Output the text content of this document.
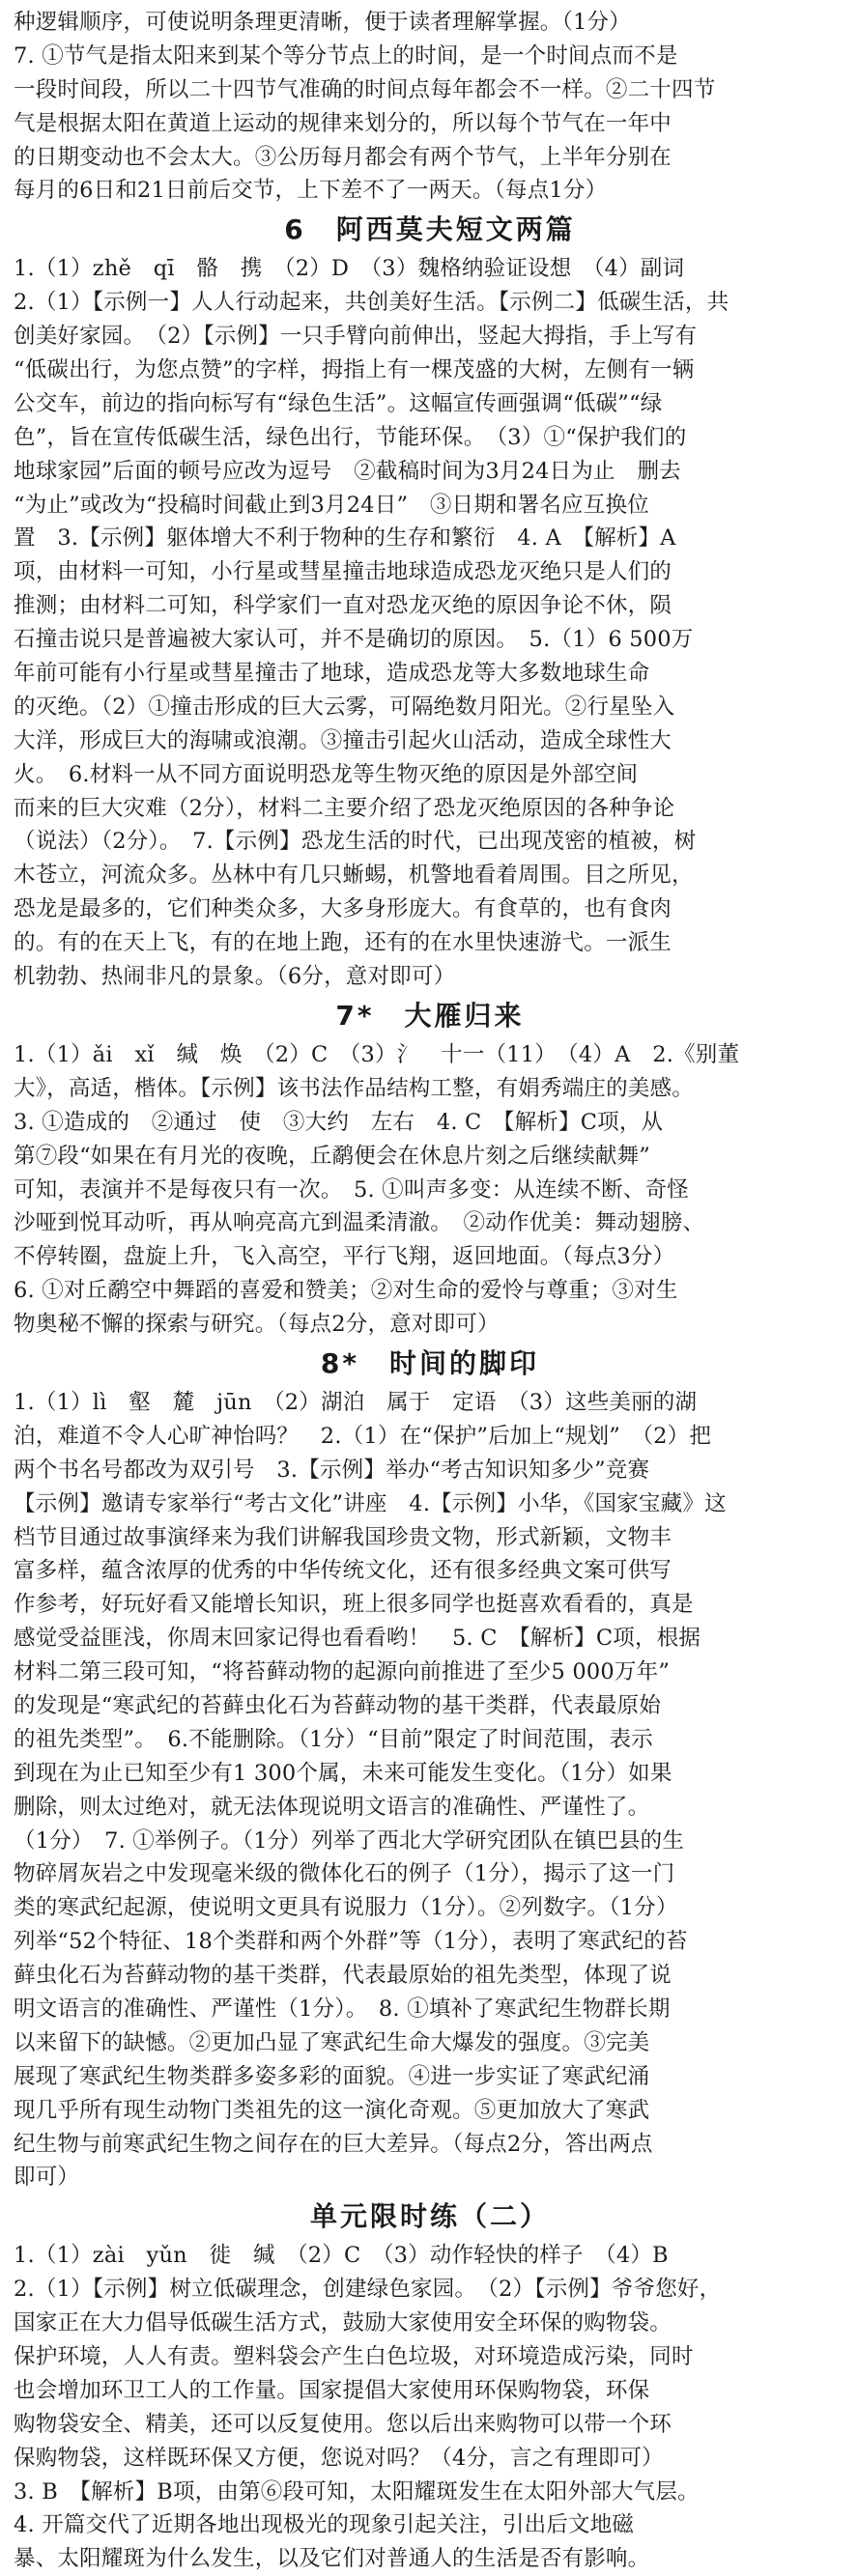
种逻辑顺序，可使说明条理更清晰，便于读者理解掌握。（1分）
7. ①节气是指太阳来到某个等分节点上的时间，是一个时间点而不是
一段时间段，所以二十四节气准确的时间点每年都会不一样。②二十四节
气是根据太阳在黄道上运动的规律来划分的，所以每个节气在一年中
的日期变动也不会太大。③公历每月都会有两个节气，上半年分别在
每月的6日和21日前后交节，上下差不了一两天。（每点1分）
6　阿西莫夫短文两篇
1.（1）zhě　qī　骼　携　（2）D　（3）魏格纳验证设想　（4）副词
2.（1）【示例一】人人行动起来，共创美好生活。【示例二】低碳生活，共
创美好家园。　（2）【示例】一只手臂向前伸出，竖起大拇指，手上写有
“低碳出行，为您点赞”的字样，拇指上有一棵茂盛的大树，左侧有一辆
公交车，前边的指向标写有“绿色生活”。这幅宣传画强调“低碳”“绿
色”，旨在宣传低碳生活，绿色出行，节能环保。　（3）①“保护我们的
地球家园”后面的顿号应改为逗号　②截稿时间为3月24日为止　删去
“为止”或改为“投稿时间截止到3月24日”　③日期和署名应互换位
置　3.【示例】躯体增大不利于物种的生存和繁衍　4. A　【解析】A
项，由材料一可知，小行星或彗星撞击地球造成恐龙灭绝只是人们的
推测；由材料二可知，科学家们一直对恐龙灭绝的原因争论不休，陨
石撞击说只是普遍被大家认可，并不是确切的原因。　5.（1）6 500万
年前可能有小行星或彗星撞击了地球，造成恐龙等大多数地球生命
的灭绝。（2）①撞击形成的巨大云雾，可隔绝数月阳光。②行星坠入
大洋，形成巨大的海啸或浪潮。③撞击引起火山活动，造成全球性大
火。　6.材料一从不同方面说明恐龙等生物灭绝的原因是外部空间
而来的巨大灾难（2分），材料二主要介绍了恐龙灭绝原因的各种争论
（说法）（2分）。　7.【示例】恐龙生活的时代，已出现茂密的植被，树
木苍立，河流众多。丛林中有几只蜥蜴，机警地看着周围。目之所见，
恐龙是最多的，它们种类众多，大多身形庞大。有食草的，也有食肉
的。有的在天上飞，有的在地上跑，还有的在水里快速游弋。一派生
机勃勃、热闹非凡的景象。（6分，意对即可）
7*　大雁归来
1.（1）ǎi　xǐ　缄　焕　（2）C　（3）氵　十一（11）　（4）A　2.《别董
大》，高适，楷体。【示例】该书法作品结构工整，有娟秀端庄的美感。
3. ①造成的　②通过　使　③大约　左右　4. C　【解析】C项，从
第⑦段“如果在有月光的夜晚，丘鹬便会在休息片刻之后继续献舞”
可知，表演并不是每夜只有一次。　5. ①叫声多变：从连续不断、奇怪
沙哑到悦耳动听，再从响亮高亢到温柔清澈。　②动作优美：舞动翅膀、
不停转圈，盘旋上升，飞入高空，平行飞翔，返回地面。（每点3分）
6. ①对丘鹬空中舞蹈的喜爱和赞美；②对生命的爱怜与尊重；③对生
物奥秘不懈的探索与研究。（每点2分，意对即可）
8*　时间的脚印
1.（1）lì　壑　麓　jūn　（2）湖泊　属于　定语　（3）这些美丽的湖
泊，难道不令人心旷神怡吗？　2.（1）在“保护”后加上“规划”　（2）把
两个书名号都改为双引号　3.【示例】举办“考古知识知多少”竞赛
【示例】邀请专家举行“考古文化”讲座　4.【示例】小华，《国家宝藏》这
档节目通过故事演绎来为我们讲解我国珍贵文物，形式新颖，文物丰
富多样，蕴含浓厚的优秀的中华传统文化，还有很多经典文案可供写
作参考，好玩好看又能增长知识，班上很多同学也挺喜欢看看的，真是
感觉受益匪浅，你周末回家记得也看看哟！　5. C　【解析】C项，根据
材料二第三段可知，“将苔藓动物的起源向前推进了至少5 000万年”
的发现是“寒武纪的苔藓虫化石为苔藓动物的基干类群，代表最原始
的祖先类型”。　6.不能删除。（1分）“目前”限定了时间范围，表示
到现在为止已知至少有1 300个属，未来可能发生变化。（1分）如果
删除，则太过绝对，就无法体现说明文语言的准确性、严谨性了。
（1分）　7. ①举例子。（1分）列举了西北大学研究团队在镇巴县的生
物碎屑灰岩之中发现毫米级的微体化石的例子（1分），揭示了这一门
类的寒武纪起源，使说明文更具有说服力（1分）。②列数字。（1分）
列举“52个特征、18个类群和两个外群”等（1分），表明了寒武纪的苔
藓虫化石为苔藓动物的基干类群，代表最原始的祖先类型，体现了说
明文语言的准确性、严谨性（1分）。　8. ①填补了寒武纪生物群长期
以来留下的缺憾。②更加凸显了寒武纪生命大爆发的强度。③完美
展现了寒武纪生物类群多姿多彩的面貌。④进一步实证了寒武纪涌
现几乎所有现生动物门类祖先的这一演化奇观。⑤更加放大了寒武
纪生物与前寒武纪生物之间存在的巨大差异。（每点2分，答出两点
即可）
单元限时练（二）
1.（1）zài　yǔn　徙　缄　（2）C　（3）动作轻快的样子　（4）B
2.（1）【示例】树立低碳理念，创建绿色家园。　（2）【示例】爷爷您好，
国家正在大力倡导低碳生活方式，鼓励大家使用安全环保的购物袋。
保护环境，人人有责。塑料袋会产生白色垃圾，对环境造成污染，同时
也会增加环卫工人的工作量。国家提倡大家使用环保购物袋，环保
购物袋安全、精美，还可以反复使用。您以后出来购物可以带一个环
保购物袋，这样既环保又方便，您说对吗？（4分，言之有理即可）
3. B　【解析】B项，由第⑥段可知，太阳耀斑发生在太阳外部大气层。
4. 开篇交代了近期各地出现极光的现象引起关注，引出后文地磁
暴、太阳耀斑为什么发生，以及它们对普通人的生活是否有影响。
